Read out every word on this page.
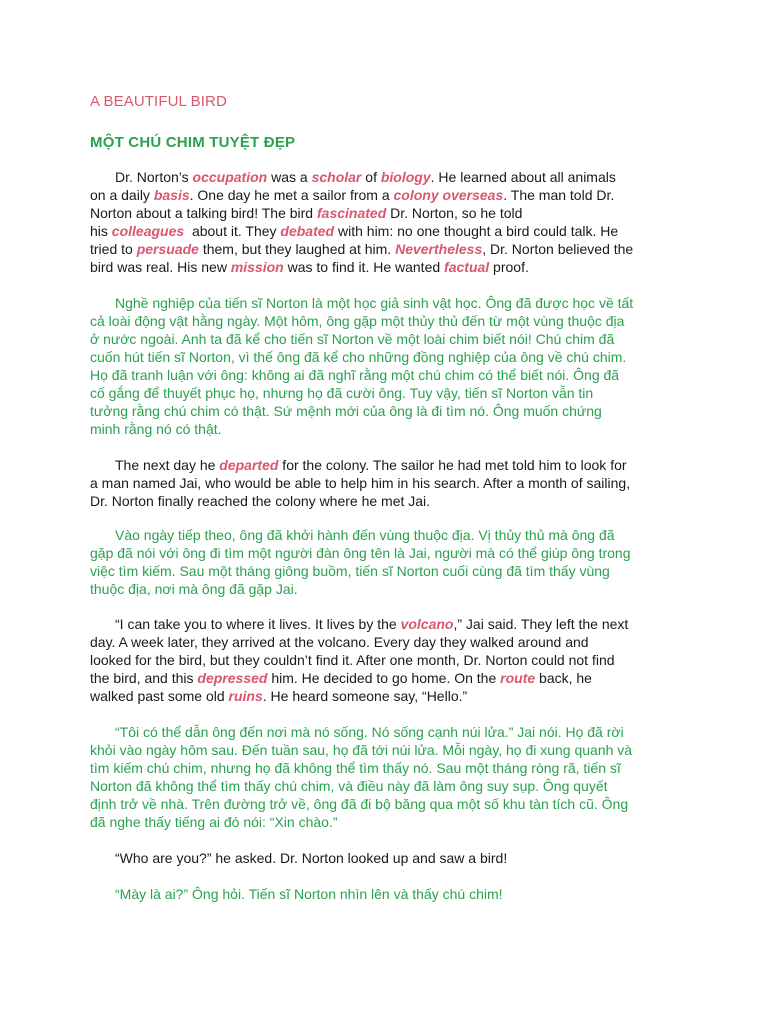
A BEAUTIFUL BIRD
MỘT CHÚ CHIM TUYỆT ĐẸP

Dr. Norton’s occupation was a scholar of biology. He learned about all animals
on a daily basis. One day he met a sailor from a colony overseas. The man told Dr.
Norton about a talking bird! The bird fascinated Dr. Norton, so he told
his colleagues  about it. They debated with him: no one thought a bird could talk. He
tried to persuade them, but they laughed at him. Nevertheless, Dr. Norton believed the
bird was real. His new mission was to find it. He wanted factual proof.

Nghề nghiệp của tiến sĩ Norton là một học giả sinh vật học. Ông đã được học về tất
cả loài động vật hằng ngày. Một hôm, ông gặp một thủy thủ đến từ một vùng thuộc địa
ở nước ngoài. Anh ta đã kể cho tiến sĩ Norton về một loài chim biết nói! Chú chim đã
cuốn hút tiến sĩ Norton, vì thế ông đã kể cho những đồng nghiệp của ông về chú chim.
Họ đã tranh luận với ông: không ai đã nghĩ rằng một chú chim có thể biết nói. Ông đã
cố gắng để thuyết phục họ, nhưng họ đã cười ông. Tuy vậy, tiến sĩ Norton vẫn tin
tưởng rằng chú chim có thật. Sứ mệnh mới của ông là đi tìm nó. Ông muốn chứng
minh rằng nó có thật.

The next day he departed for the colony. The sailor he had met told him to look for
a man named Jai, who would be able to help him in his search. After a month of sailing,
Dr. Norton finally reached the colony where he met Jai.

Vào ngày tiếp theo, ông đã khởi hành đến vùng thuộc địa. Vị thủy thủ mà ông đã
gặp đã nói với ông đi tìm một người đàn ông tên là Jai, người mà có thể giúp ông trong
việc tìm kiếm. Sau một tháng giông buồm, tiến sĩ Norton cuối cùng đã tìm thấy vùng
thuộc địa, nơi mà ông đã gặp Jai.

“I can take you to where it lives. It lives by the volcano,” Jai said. They left the next
day. A week later, they arrived at the volcano. Every day they walked around and
looked for the bird, but they couldn’t find it. After one month, Dr. Norton could not find
the bird, and this depressed him. He decided to go home. On the route back, he
walked past some old ruins. He heard someone say, “Hello.”

“Tôi có thể dẫn ông đến nơi mà nó sống. Nó sống cạnh núi lửa.” Jai nói. Họ đã rời
khỏi vào ngày hôm sau. Đến tuần sau, họ đã tới núi lửa. Mỗi ngày, họ đi xung quanh và
tìm kiếm chú chim, nhưng họ đã không thể tìm thấy nó. Sau một tháng ròng rã, tiến sĩ
Norton đã không thể tìm thấy chú chim, và điều này đã làm ông suy sụp. Ông quyết
định trở về nhà. Trên đường trở về, ông đã đi bộ băng qua một số khu tàn tích cũ. Ông
đã nghe thấy tiếng ai đó nói: “Xin chào.”

“Who are you?” he asked. Dr. Norton looked up and saw a bird!

“Mày là ai?” Ông hỏi. Tiến sĩ Norton nhìn lên và thấy chú chim!
